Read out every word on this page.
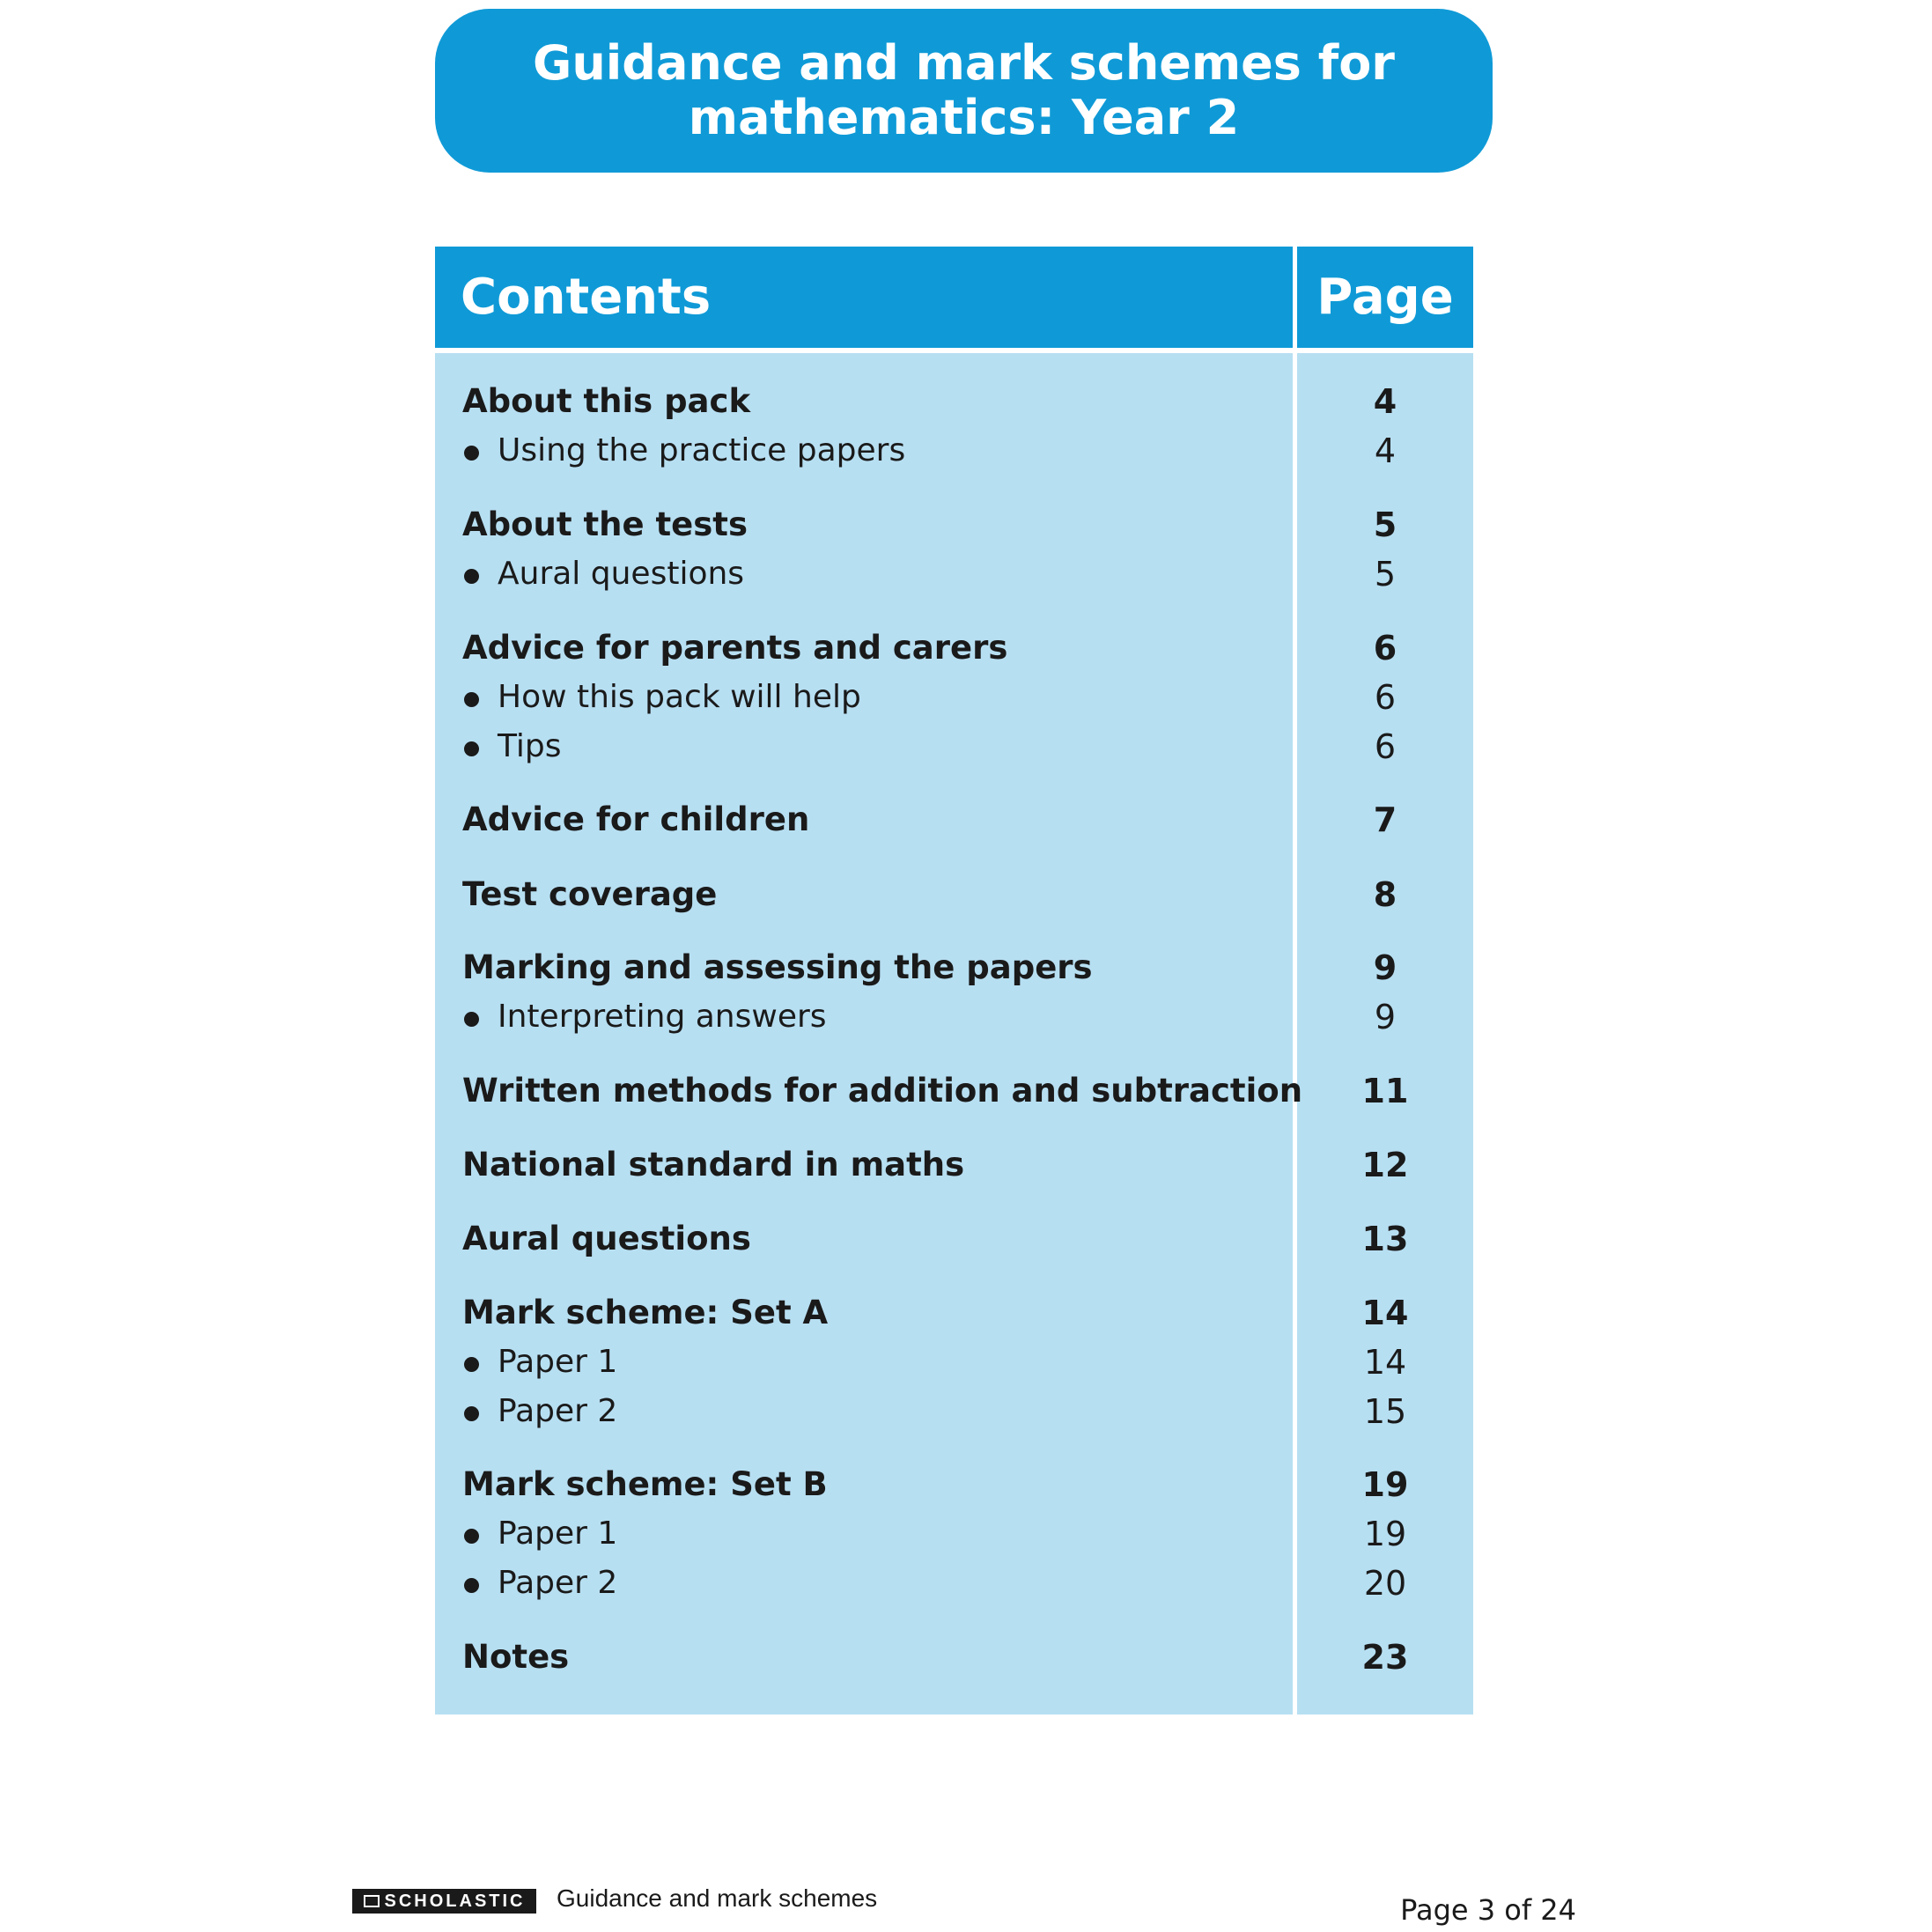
Guidance and mark schemes for
mathematics: Year 2
Contents	Page
About this pack	4
Using the practice papers	4
About the tests	5
Aural questions	5
Advice for parents and carers	6
How this pack will help	6
Tips	6
Advice for children	7
Test coverage	8
Marking and assessing the papers	9
Interpreting answers	9
Written methods for addition and subtraction	11
National standard in maths	12
Aural questions	13
Mark scheme: Set A	14
Paper 1	14
Paper 2	15
Mark scheme: Set B	19
Paper 1	19
Paper 2	20
Notes	23
SCHOLASTIC Guidance and mark schemes	Page 3 of 24
